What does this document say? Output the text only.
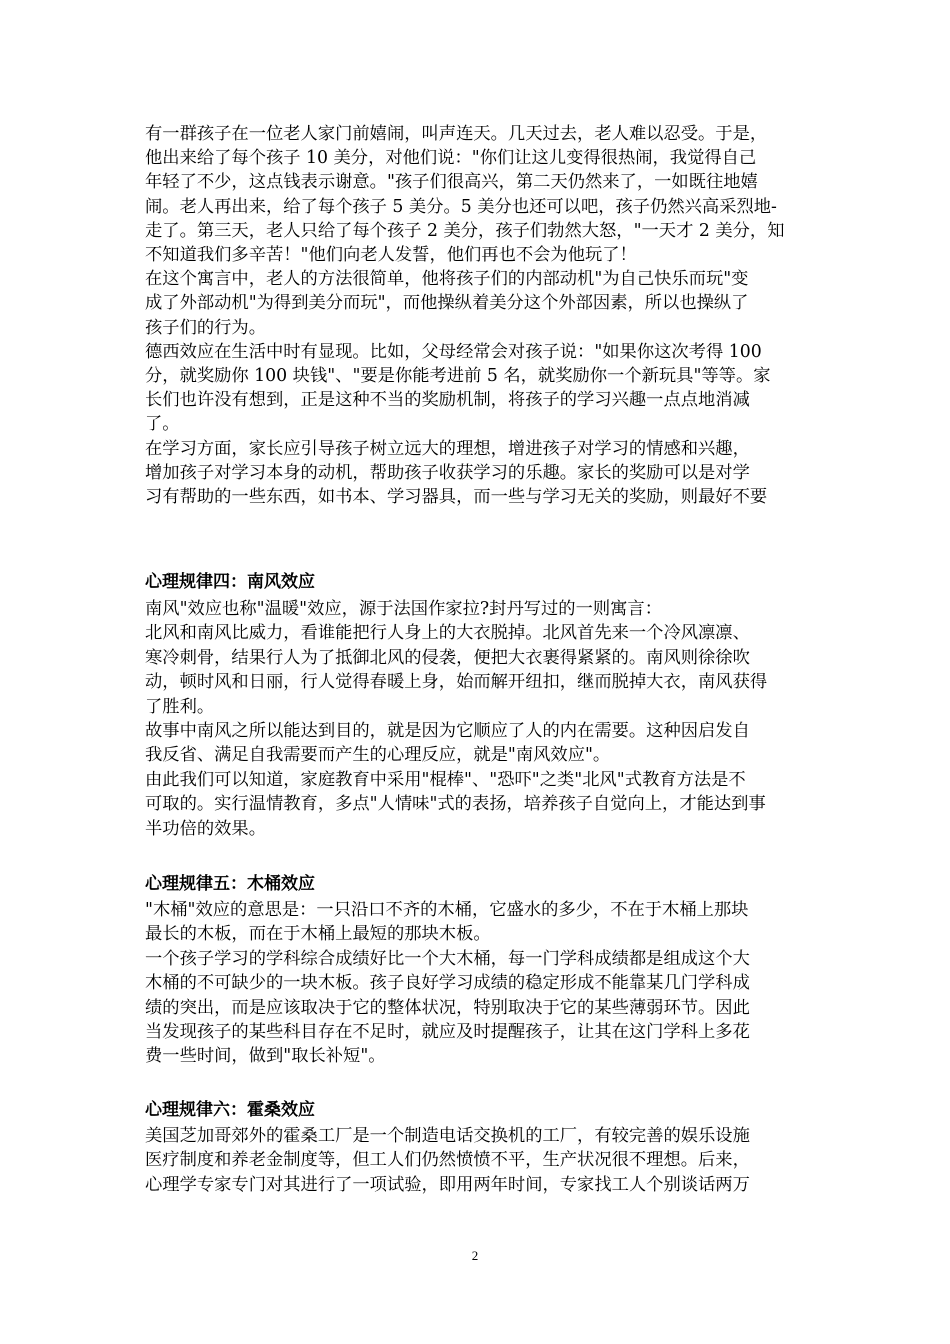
有一群孩子在一位老人家门前嬉闹，叫声连天。几天过去，老人难以忍受。于是，
他出来给了每个孩子 10 美分，对他们说："你们让这儿变得很热闹，我觉得自己
年轻了不少，这点钱表示谢意。"孩子们很高兴，第二天仍然来了，一如既往地嬉
闹。老人再出来，给了每个孩子 5 美分。5 美分也还可以吧，孩子仍然兴高采烈地-
走了。第三天，老人只给了每个孩子 2 美分，孩子们勃然大怒，"一天才 2 美分，知
不知道我们多辛苦！"他们向老人发誓，他们再也不会为他玩了！
在这个寓言中，老人的方法很简单，他将孩子们的内部动机"为自己快乐而玩"变
成了外部动机"为得到美分而玩"，而他操纵着美分这个外部因素，所以也操纵了
孩子们的行为。
德西效应在生活中时有显现。比如，父母经常会对孩子说："如果你这次考得 100
分，就奖励你 100 块钱"、"要是你能考进前 5 名，就奖励你一个新玩具"等等。家
长们也许没有想到，正是这种不当的奖励机制，将孩子的学习兴趣一点点地消减
了。
在学习方面，家长应引导孩子树立远大的理想，增进孩子对学习的情感和兴趣，
增加孩子对学习本身的动机，帮助孩子收获学习的乐趣。家长的奖励可以是对学
习有帮助的一些东西，如书本、学习器具，而一些与学习无关的奖励，则最好不要
心理规律四：南风效应
南风"效应也称"温暖"效应，源于法国作家拉?封丹写过的一则寓言：
北风和南风比威力，看谁能把行人身上的大衣脱掉。北风首先来一个冷风凛凛、
寒冷刺骨，结果行人为了抵御北风的侵袭，便把大衣裹得紧紧的。南风则徐徐吹
动，顿时风和日丽，行人觉得春暖上身，始而解开纽扣，继而脱掉大衣，南风获得
了胜利。
故事中南风之所以能达到目的，就是因为它顺应了人的内在需要。这种因启发自
我反省、满足自我需要而产生的心理反应，就是"南风效应"。
由此我们可以知道，家庭教育中采用"棍棒"、"恐吓"之类"北风"式教育方法是不
可取的。实行温情教育，多点"人情味"式的表扬，培养孩子自觉向上，才能达到事
半功倍的效果。
心理规律五：木桶效应
"木桶"效应的意思是：一只沿口不齐的木桶，它盛水的多少，不在于木桶上那块
最长的木板，而在于木桶上最短的那块木板。
一个孩子学习的学科综合成绩好比一个大木桶，每一门学科成绩都是组成这个大
木桶的不可缺少的一块木板。孩子良好学习成绩的稳定形成不能靠某几门学科成
绩的突出，而是应该取决于它的整体状况，特别取决于它的某些薄弱环节。因此
当发现孩子的某些科目存在不足时，就应及时提醒孩子，让其在这门学科上多花
费一些时间，做到"取长补短"。
心理规律六：霍桑效应
美国芝加哥郊外的霍桑工厂是一个制造电话交换机的工厂，有较完善的娱乐设施
医疗制度和养老金制度等，但工人们仍然愤愤不平，生产状况很不理想。后来，
心理学专家专门对其进行了一项试验，即用两年时间，专家找工人个别谈话两万
2
